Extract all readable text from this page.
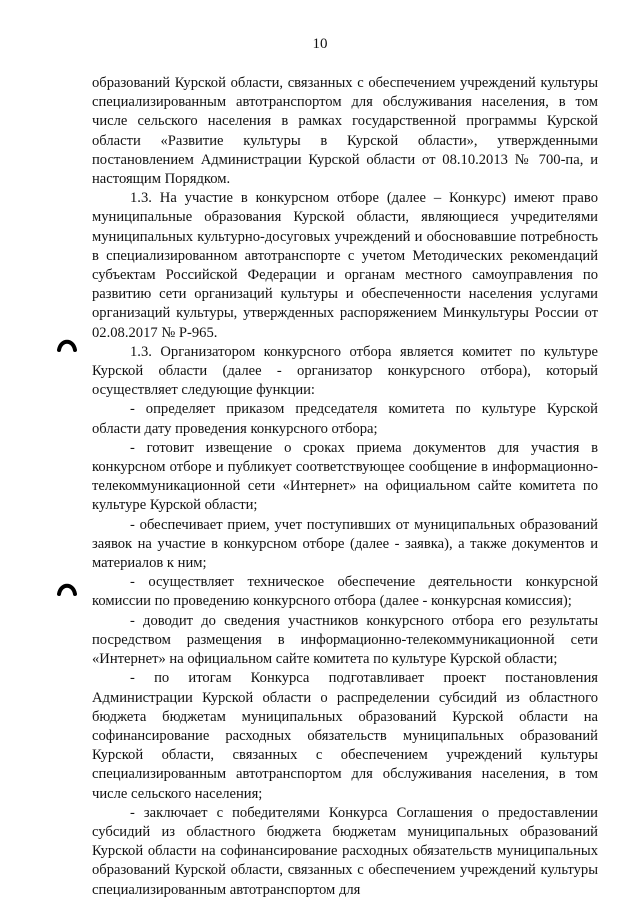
10

образований Курской области, связанных с обеспечением учреждений культуры специализированным автотранспортом для обслуживания населения, в том числе сельского населения в рамках государственной программы Курской области «Развитие культуры в Курской области», утвержденными постановлением Администрации Курской области от 08.10.2013 № 700-па, и настоящим Порядком.

1.3. На участие в конкурсном отборе (далее – Конкурс) имеют право муниципальные образования Курской области, являющиеся учредителями муниципальных культурно-досуговых учреждений и обосновавшие потребность в специализированном автотранспорте с учетом Методических рекомендаций субъектам Российской Федерации и органам местного самоуправления по развитию сети организаций культуры и обеспеченности населения услугами организаций культуры, утвержденных распоряжением Минкультуры России от 02.08.2017 № Р-965.

1.3. Организатором конкурсного отбора является комитет по культуре Курской области (далее - организатор конкурсного отбора), который осуществляет следующие функции:

- определяет приказом председателя комитета по культуре Курской области дату проведения конкурсного отбора;

- готовит извещение о сроках приема документов для участия в конкурсном отборе и публикует соответствующее сообщение в информационно-телекоммуникационной сети «Интернет» на официальном сайте комитета по культуре Курской области;

- обеспечивает прием, учет поступивших от муниципальных образований заявок на участие в конкурсном отборе (далее - заявка), а также документов и материалов к ним;

- осуществляет техническое обеспечение деятельности конкурсной комиссии по проведению конкурсного отбора (далее - конкурсная комиссия);

- доводит до сведения участников конкурсного отбора его результаты посредством размещения в информационно-телекоммуникационной сети «Интернет» на официальном сайте комитета по культуре Курской области;

- по итогам Конкурса подготавливает проект постановления Администрации Курской области о распределении субсидий из областного бюджета бюджетам муниципальных образований Курской области на софинансирование расходных обязательств муниципальных образований Курской области, связанных с обеспечением учреждений культуры специализированным автотранспортом для обслуживания населения, в том числе сельского населения;

- заключает с победителями Конкурса Соглашения о предоставлении субсидий из областного бюджета бюджетам муниципальных образований Курской области на софинансирование расходных обязательств муниципальных образований Курской области, связанных с обеспечением учреждений культуры специализированным автотранспортом для
